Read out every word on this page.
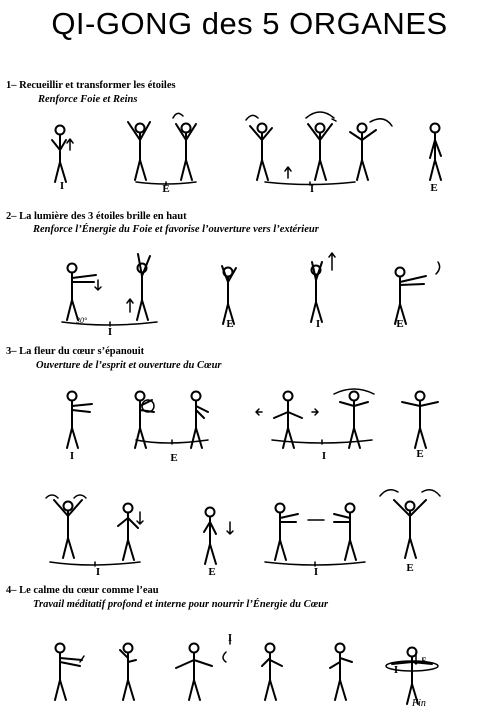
QI-GONG des 5 ORGANES
1– Recueillir et transformer les étoiles
Renforce Foie et Reins
2– La lumière des 3 étoiles brille en haut
Renforce l’Énergie du Foie et favorise l’ouverture vers l’extérieur
3– La fleur du cœur s’épanouit
Ouverture de l’esprit et ouverture du Cœur
4– Le calme du cœur comme l’eau
Travail méditatif profond et interne pour nourrir l’Énergie du Cœur
I	E	I	E
I
E	I	E
30°
I	E	I	E
I	E	I	E
I
I
E
Fin
